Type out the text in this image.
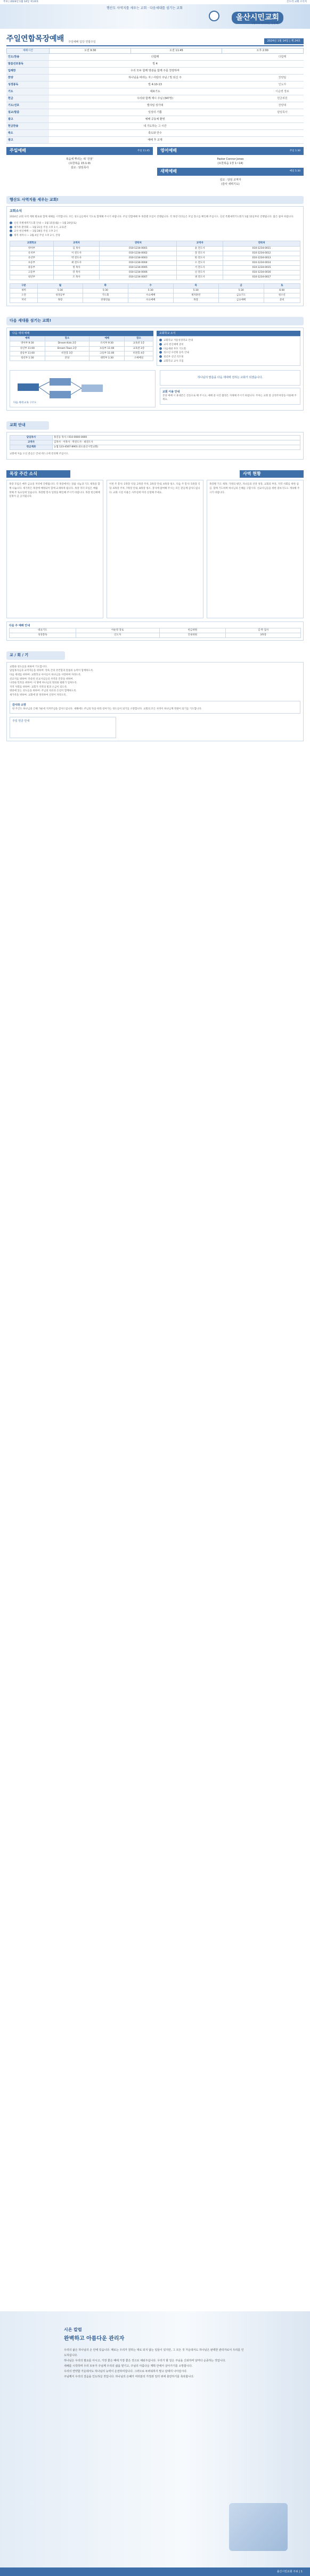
주보 | 2024년 1월 14일 제 24호	온누리 교회 소식지
행산도 사역지를 세우는 교회 · 다음세대를 섬기는 교회
올산시민교회
사랑으로 하나되는 공동체
주일연합목장예배 주일예배 입당 연합주일	2024년 1월 14일 | 제 24호
예배시간	오전 9:30	오전 11:45	오후 2:00
인도/찬송	다함께	다함께
말씀선포봉독	빌 4	
입례찬	우리 모두 함께 영광을 함께 주를 찬양하며	
찬양	하나님을 바라는 자 / 사랑의 주님 / 빛 되신 주	찬양팀
성경봉독	빌 4:10-13	인도자
기도	대표기도	이순영 장로
헌금	우리와 함께 계시 주님 (347장)	헌금위원
기도/선포	엘샤임 성가대	찬양대
설교/말씀	일상의 기쁨	담임목사
광고	예배 공동체 환영	
헌금찬송	내 기도하는 그 시간	
축도	축도와 안수	
광고	예배 후 교제	
주일예배	주일 11:45
복음에 뿌리는 새 ‘건물’
(요한복음 15:1-9)
설교 : 담임목사
영어예배	주일 1:30
Pastor Connor Jones
(요한복음 1장 1~14)
새벽예배	매일 5:30
설교 : 담임 교역자
(감사 새벽기도)
행산도 사역지를 세우는 교회!
교회소식

2024년 교회 사역 계획 발표와 함께 새해를 시작합니다. 모든 성도님들께서 기도로 함께해 주시기 바랍니다. 주일 연합예배 후 목장별 모임이 진행됩니다. 각 목장 리더들은 모임 장소를 확인해 주십시오. 신년 특별새벽기도회가 1월 15일부터 진행됩니다. 많은 참여 바랍니다.

신년 특별새벽기도회 안내 — 1월 15일(월) ~ 1월 20일(토)
새가족 환영회 — 1월 21일 주일 오후 1시, 교육관
교사 헌신예배 — 1월 28일 주일 오후 2시
제직 세미나 — 2월 4일 주일 오후 2시, 본당
교회학교	교역자	연락처	교역자	연락처
영아부	김 목사	010-1234-0001	윤 전도사	010-1234-0011
유치부	이 전도사	010-1234-0002	장 전도사	010-1234-0012
유년부	박 전도사	010-1234-0003	한 전도사	010-1234-0013
초등부	최 전도사	010-1234-0004	오 전도사	010-1234-0014
중등부	정 목사	010-1234-0005	서 전도사	010-1234-0015
고등부	강 목사	010-1234-0006	신 전도사	010-1234-0016
청년부	조 목사	010-1234-0007	권 전도사	010-1234-0017
구분	월	화	수	목	금	토
새벽	5:30	5:30	5:30	5:30	5:30	6:00
오전	성경공부	기도회	수요예배	제자훈련	금요기도	청소년
저녁	목장	찬양연습	수요예배	목장	금요예배	준비
다음 세대를 섬기는 교회!
다음 세대 예배
예배	장소	예배	장소
영아부 9:30	Dream Kids 2층	유치부 9:30	교육관 1층
유년부 11:00	Dream Town 2층	초등부 11:00	교육관 2층
중등부 11:00	비전홀 3층	고등부 11:00	비전홀 4층
청년부 1:30	본당	대학부 1:30	소예배실
교회학교 소식
교회학교 겨울성경학교 안내
교사 헌신예배 준비
다음세대 부모 기도회
청소년 수련회 등록 안내
청년부 신년 리트릿
교회학교 교사 모집
다음 세대 교육 구조도
하나님의 말씀을 다음 세대에 전하는 교회가 되겠습니다.
교회 이용 안내
본당 예배 시 휴대폰은 진동으로 해 주시고, 예배 중 사진 촬영은 자제해 주시기 바랍니다. 주차는 교회 앞 공영주차장을 이용해 주세요.
교회 안내
담임목사	홍길동 목사 / 010-0000-0000
교역자	김목사 · 이목사 · 박전도사 · 최전도사
헌금계좌	농협 123-4567-8901-23 (올산시민교회)

교회에 처음 오신 분들은 안내 데스크에 문의해 주십시오.

목장 주간 소식	사역 현황

목장 모임은 매주 금요일 저녁에 진행됩니다. 각 목장에서는 말씀 나눔과 기도 제목을 함께 나눕니다. 새가족은 목장에 배정되어 함께 교제하게 됩니다. 목장 리더 모임은 매월 첫째 주 토요일에 있습니다. 목장별 봉사 일정을 확인해 주시기 바랍니다. 목장 헌신예배 일정이 곧 공지됩니다.

이번 주 봉사: 1목장 식당, 2목장 주차, 3목장 안내, 4목장 청소. 다음 주 봉사: 5목장 식당, 6목장 주차, 7목장 안내, 8목장 청소. 봉사에 참여해 주시는 모든 분들께 감사드립니다. 교회 시설 이용은 사무실에 미리 신청해 주세요.

목장별 기도 제목: 가정의 평안, 자녀들의 신앙 성장, 교회의 부흥, 지역 사회를 위한 섬김. 함께 기도하며 하나님의 은혜를 구합시다. 선교사님들을 위한 중보기도도 계속해 주시기 바랍니다.

다음 주 예배 안내
대표기도	이순영 장로	헌금위원	김·박 집사
성경봉독	인도자	안내위원	3목장
교 / 회 / 기
교회와 성도들을 위하여 기도합시다.
담임목사님과 교역자들을 위하여: 영육 간의 강건함과 말씀의 능력이 함께하도록.
다음 세대를 위하여: 교회학교 아이들이 하나님을 사랑하며 자라도록.
선교지를 위하여: 파송된 선교사님들의 사역과 건강을 위하여.
나라와 민족을 위하여: 이 땅에 하나님의 정의와 평화가 임하도록.
지역 사회를 위하여: 교회가 지역의 빛과 소금이 되도록.
병중에 있는 성도들을 위하여: 주님의 치유의 손길이 함께하도록.
새가족을 위하여: 교회에 잘 정착하여 신앙이 자라도록.
감사와 소망

한 주간도 하나님의 은혜 가운데 지켜주심을 감사드립니다. 새해에도 주님의 뜻을 따라 살아가는 성도들이 되기를 소망합니다. 교회의 모든 사역이 하나님께 영광이 되기를 기도합니다.

주일 헌금 안내
시온 칼럼
완벽하고 아름다운 관리자

우리의 삶은 하나님의 손 안에 있습니다. 때로는 우리가 원하는 대로 되지 않는 일들이 있지만, 그 모든 것 가운데서도 하나님은 완벽한 관리자로서 우리를 인도하십니다.

하나님은 우리의 필요를 아시고, 가장 좋은 때에 가장 좋은 것으로 채워주십니다. 우리가 할 일은 주님을 신뢰하며 날마다 순종하는 것입니다.

새해를 시작하며 우리 모두가 주님께 우리의 삶을 맡기고, 주님의 아름다운 계획 안에서 살아가기를 소망합니다.

우리의 연약함 가운데서도 하나님의 능력이 온전하여집니다. 그러므로 두려워하지 말고 담대히 나아갑시다.

주님께서 우리의 걸음을 인도하실 것입니다. 하나님의 은혜가 여러분의 가정과 일터 위에 충만하기를 축복합니다.

올산시민교회 주보 | 1
